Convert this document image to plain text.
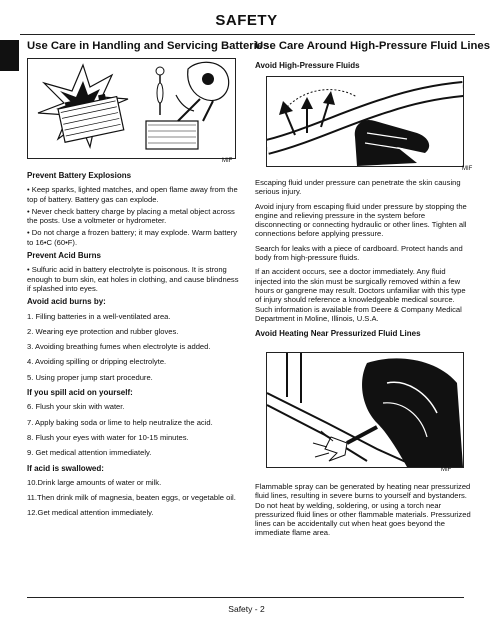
SAFETY
Use Care in Handling and Servicing Batteries
Use Care Around High-Pressure Fluid Lines
MIF

Prevent Battery Explosions

• Keep sparks, lighted matches, and open flame away from the top of battery. Battery gas can explode.

• Never check battery charge by placing a metal object across the posts. Use a voltmeter or hydrometer.

• Do not charge a frozen battery; it may explode. Warm battery to 16•C (60•F).

Prevent Acid Burns

• Sulfuric acid in battery electrolyte is poisonous. It is strong enough to burn skin, eat holes in clothing, and cause blindness if splashed into eyes.

Avoid acid burns by:

1. Filling batteries in a well-ventilated area.

2. Wearing eye protection and rubber gloves.

3. Avoiding breathing fumes when electrolyte is added.

4. Avoiding spilling or dripping electrolyte.

5. Using proper jump start procedure.

If you spill acid on yourself:

6. Flush your skin with water.

7. Apply baking soda or lime to help neutralize the acid.

8. Flush your eyes with water for 10-15 minutes.

9. Get medical attention immediately.

If acid is swallowed:

10.Drink large amounts of water or milk.

11.Then drink milk of magnesia, beaten eggs, or vegetable oil.

12.Get medical attention immediately.

Avoid High-Pressure Fluids
MIF

Escaping fluid under pressure can penetrate the skin causing serious injury.

Avoid injury from escaping fluid under pressure by stopping the engine and relieving pressure in the system before disconnecting or connecting hydraulic or other lines. Tighten all connections before applying pressure.

Search for leaks with a piece of cardboard. Protect hands and body from high-pressure fluids.

If an accident occurs, see a doctor immediately. Any fluid injected into the skin must be surgically removed within a few hours or gangrene may result. Doctors unfamiliar with this type of injury should reference a knowledgeable medical source. Such information is available from Deere & Company Medical Department in Moline, Illinois, U.S.A.

Avoid Heating Near Pressurized Fluid Lines

MIF

Flammable spray can be generated by heating near pressurized fluid lines, resulting in severe burns to yourself and bystanders. Do not heat by welding, soldering, or using a torch near pressurized fluid lines or other flammable materials. Pressurized lines can be accidentally cut when heat goes beyond the immediate flame area.

Safety - 2
